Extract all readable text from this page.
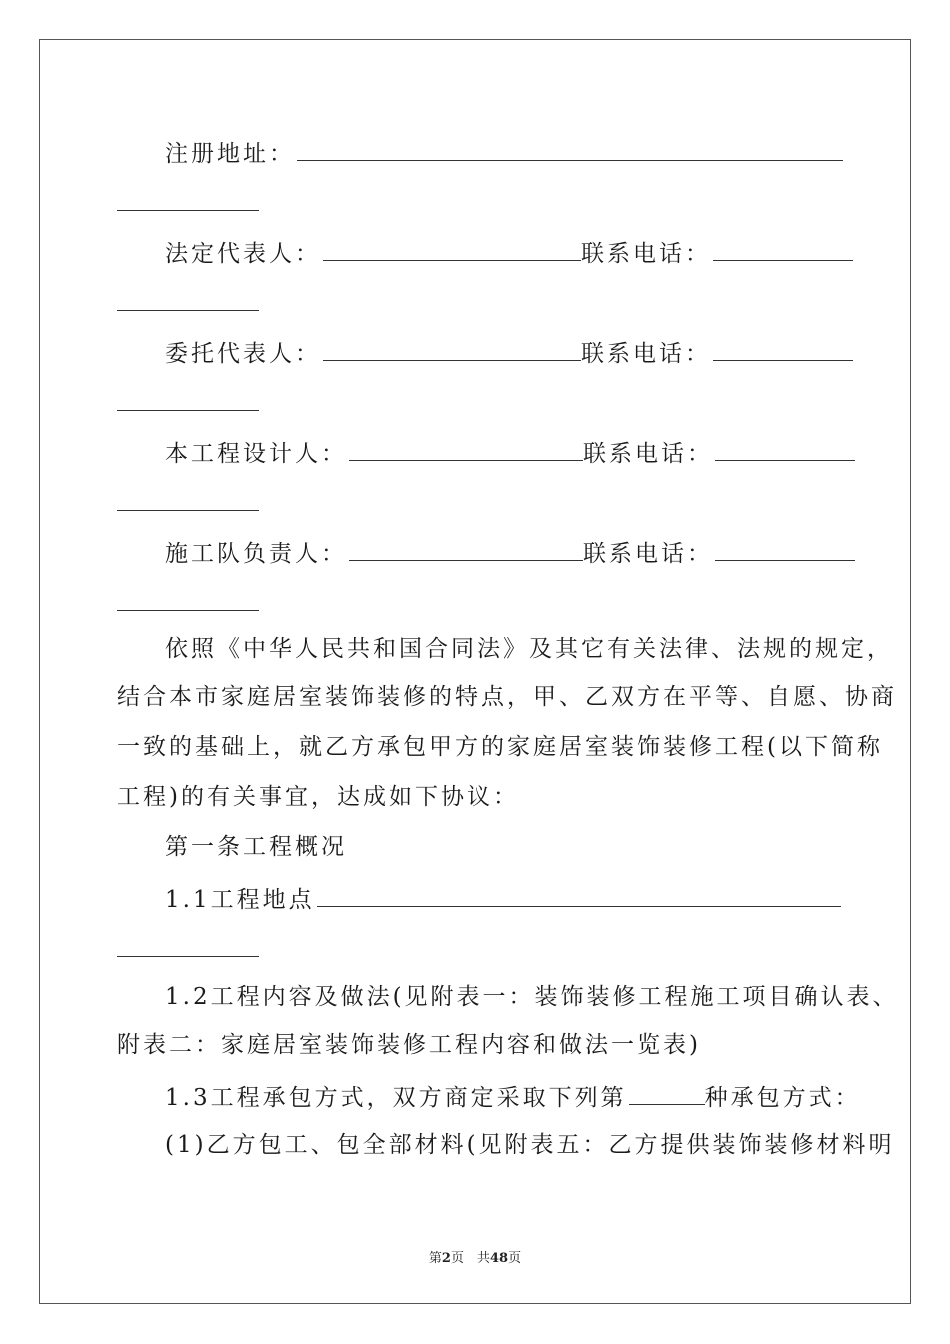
注册地址：
法定代表人：	联系电话：
委托代表人：	联系电话：
本工程设计人：	联系电话：
施工队负责人：	联系电话：
依照《中华人民共和国合同法》及其它有关法律、法规的规定，
结合本市家庭居室装饰装修的特点，甲、乙双方在平等、自愿、协商
一致的基础上，就乙方承包甲方的家庭居室装饰装修工程(以下简称
工程)的有关事宜，达成如下协议：
第一条工程概况
1.1工程地点
1.2工程内容及做法(见附表一：装饰装修工程施工项目确认表、
附表二：家庭居室装饰装修工程内容和做法一览表)
1.3工程承包方式，双方商定采取下列第	种承包方式：
(1)乙方包工、包全部材料(见附表五：乙方提供装饰装修材料明
第2页　共48页
